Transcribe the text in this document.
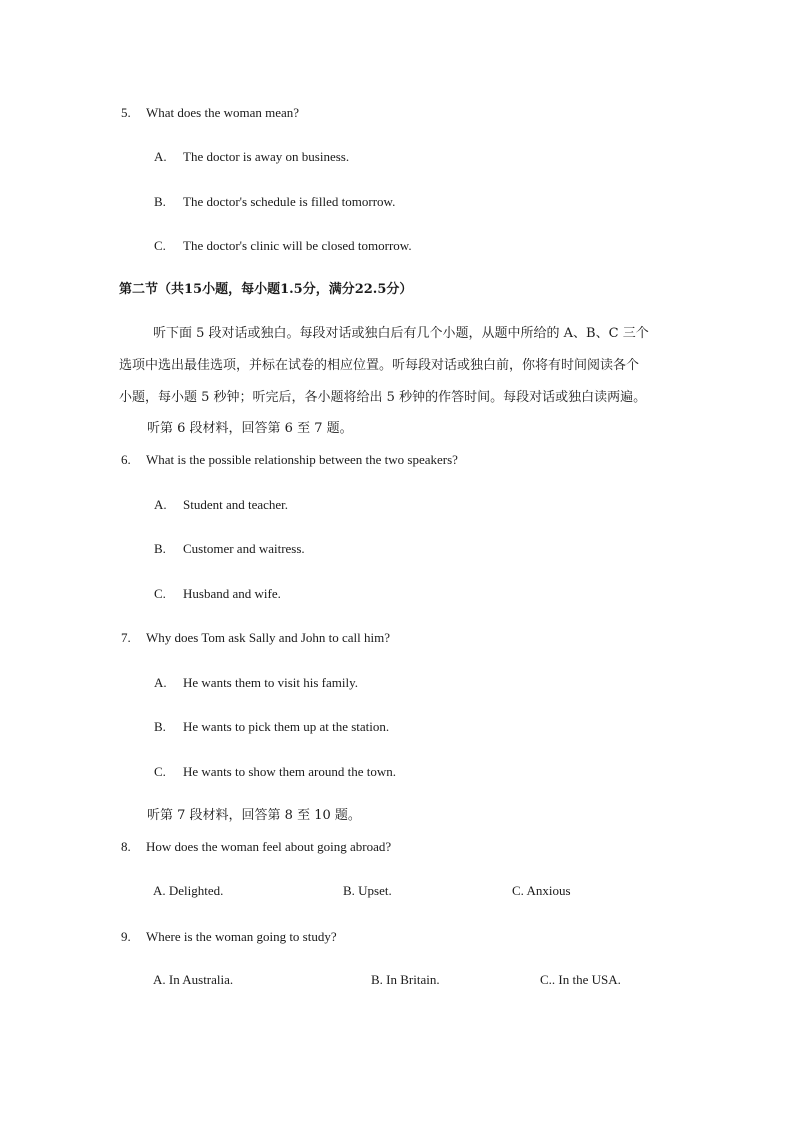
5. What does the woman mean?
A. The doctor is away on business.
B. The doctor's schedule is filled tomorrow.
C. The doctor's clinic will be closed tomorrow.
第二节（共15小题，每小题1.5分，满分22.5分）
听下面 5 段对话或独白。每段对话或独白后有几个小题，从题中所给的 A、B、C 三个
选项中选出最佳选项，并标在试卷的相应位置。听每段对话或独白前，你将有时间阅读各个
小题，每小题 5 秒钟；听完后，各小题将给出 5 秒钟的作答时间。每段对话或独白读两遍。
听第 6 段材料，回答第 6 至 7 题。
6. What is the possible relationship between the two speakers?
A. Student and teacher.
B. Customer and waitress.
C. Husband and wife.
7. Why does Tom ask Sally and John to call him?
A. He wants them to visit his family.
B. He wants to pick them up at the station.
C. He wants to show them around the town.
听第 7 段材料，回答第 8 至 10 题。
8. How does the woman feel about going abroad?
A. Delighted.	B. Upset.	C. Anxious
9. Where is the woman going to study?
A. In Australia.	B. In Britain.	C.. In the USA.
